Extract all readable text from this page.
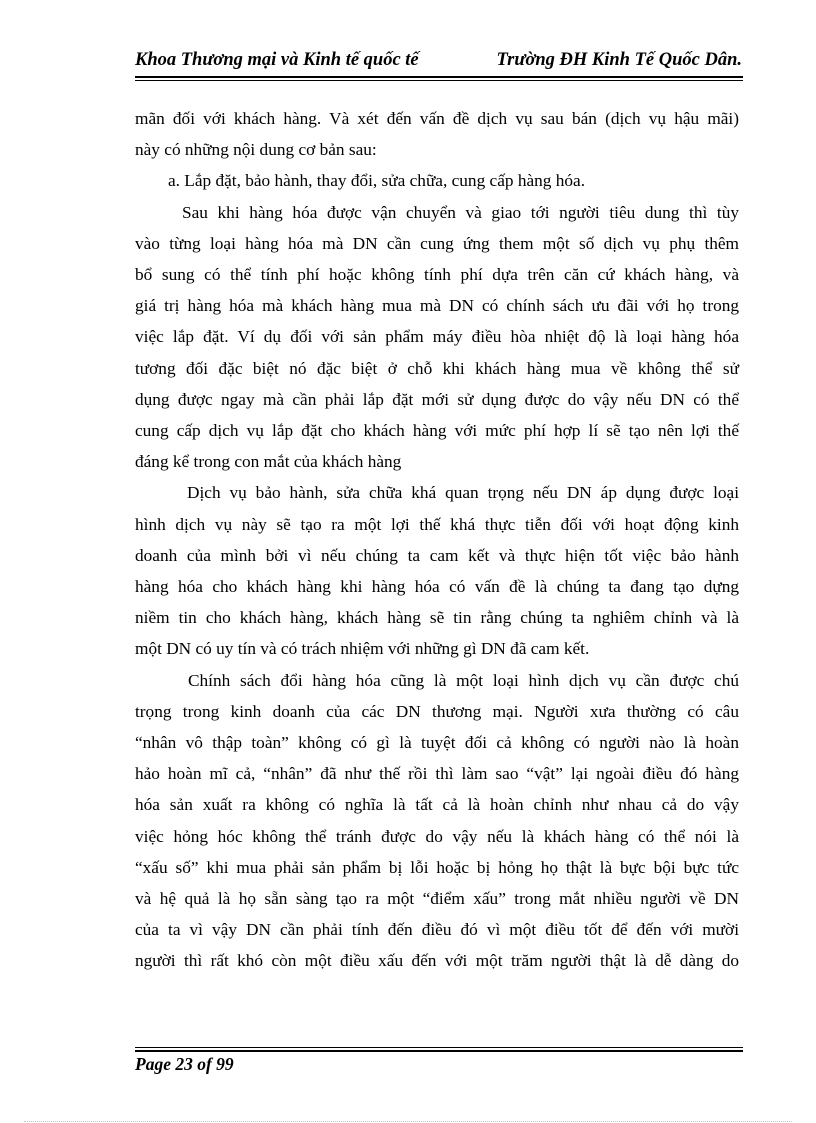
Khoa Thương mại và Kinh tế quốc tế	Trường ĐH Kinh Tế Quốc Dân.

mãn đối với khách hàng. Và xét đến vấn đề dịch vụ sau bán (dịch vụ hậu mãi)

này có những nội dung cơ bản sau:

a. Lắp đặt, bảo hành, thay đổi, sửa chữa, cung cấp hàng hóa.

Sau khi hàng hóa được vận chuyển và giao tới người tiêu dung thì tùy

vào từng loại hàng hóa mà DN cần cung ứng them một số dịch vụ phụ thêm

bổ sung có thể tính phí hoặc không tính phí dựa trên căn cứ khách hàng, và

giá trị hàng hóa mà khách hàng mua mà DN có chính sách ưu đãi với họ trong

việc lắp đặt. Ví dụ đối với sản phẩm máy điều hòa nhiệt độ là loại hàng hóa

tương đối đặc biệt nó đặc biệt ở chỗ khi khách hàng mua về không thể sử

dụng được ngay mà cần phải lắp đặt mới sử dụng được do vậy nếu DN có thể

cung cấp dịch vụ lắp đặt cho khách hàng với mức phí hợp lí sẽ tạo nên lợi thế

đáng kể trong con mắt của khách hàng

Dịch vụ bảo hành, sửa chữa khá quan trọng nếu DN áp dụng được loại

hình dịch vụ này sẽ tạo ra một lợi thế khá thực tiễn đối với hoạt động kinh

doanh của mình bởi vì nếu chúng ta cam kết và thực hiện tốt việc bảo hành

hàng hóa cho khách hàng khi hàng hóa có vấn đề là chúng ta đang tạo dựng

niềm tin cho khách hàng, khách hàng sẽ tin rằng chúng ta nghiêm chỉnh và là

một DN có uy tín và có trách nhiệm với những gì DN đã cam kết.

Chính sách đổi hàng hóa cũng là một loại hình dịch vụ cần được chú

trọng trong kinh doanh của các DN thương mại. Người xưa thường có câu

“nhân vô thập toàn” không có gì là tuyệt đối cả không có người nào là hoàn

hảo hoàn mĩ cả, “nhân” đã như thế rồi thì làm sao “vật” lại ngoài điều đó hàng

hóa sản xuất ra không có nghĩa là tất cả là hoàn chỉnh như nhau cả do vậy

việc hỏng hóc không thể tránh được do vậy nếu là khách hàng có thể nói là

“xấu số” khi mua phải sản phẩm bị lỗi hoặc bị hỏng họ thật là bực bội bực tức

và hệ quả là họ sẵn sàng tạo ra một “điểm xấu” trong mắt nhiều người về DN

của ta vì vậy DN cần phải tính đến điều đó vì một điều tốt để đến với mười

người thì rất khó còn một điều xấu đến với một trăm người thật là dễ dàng do

Page 23 of 99
